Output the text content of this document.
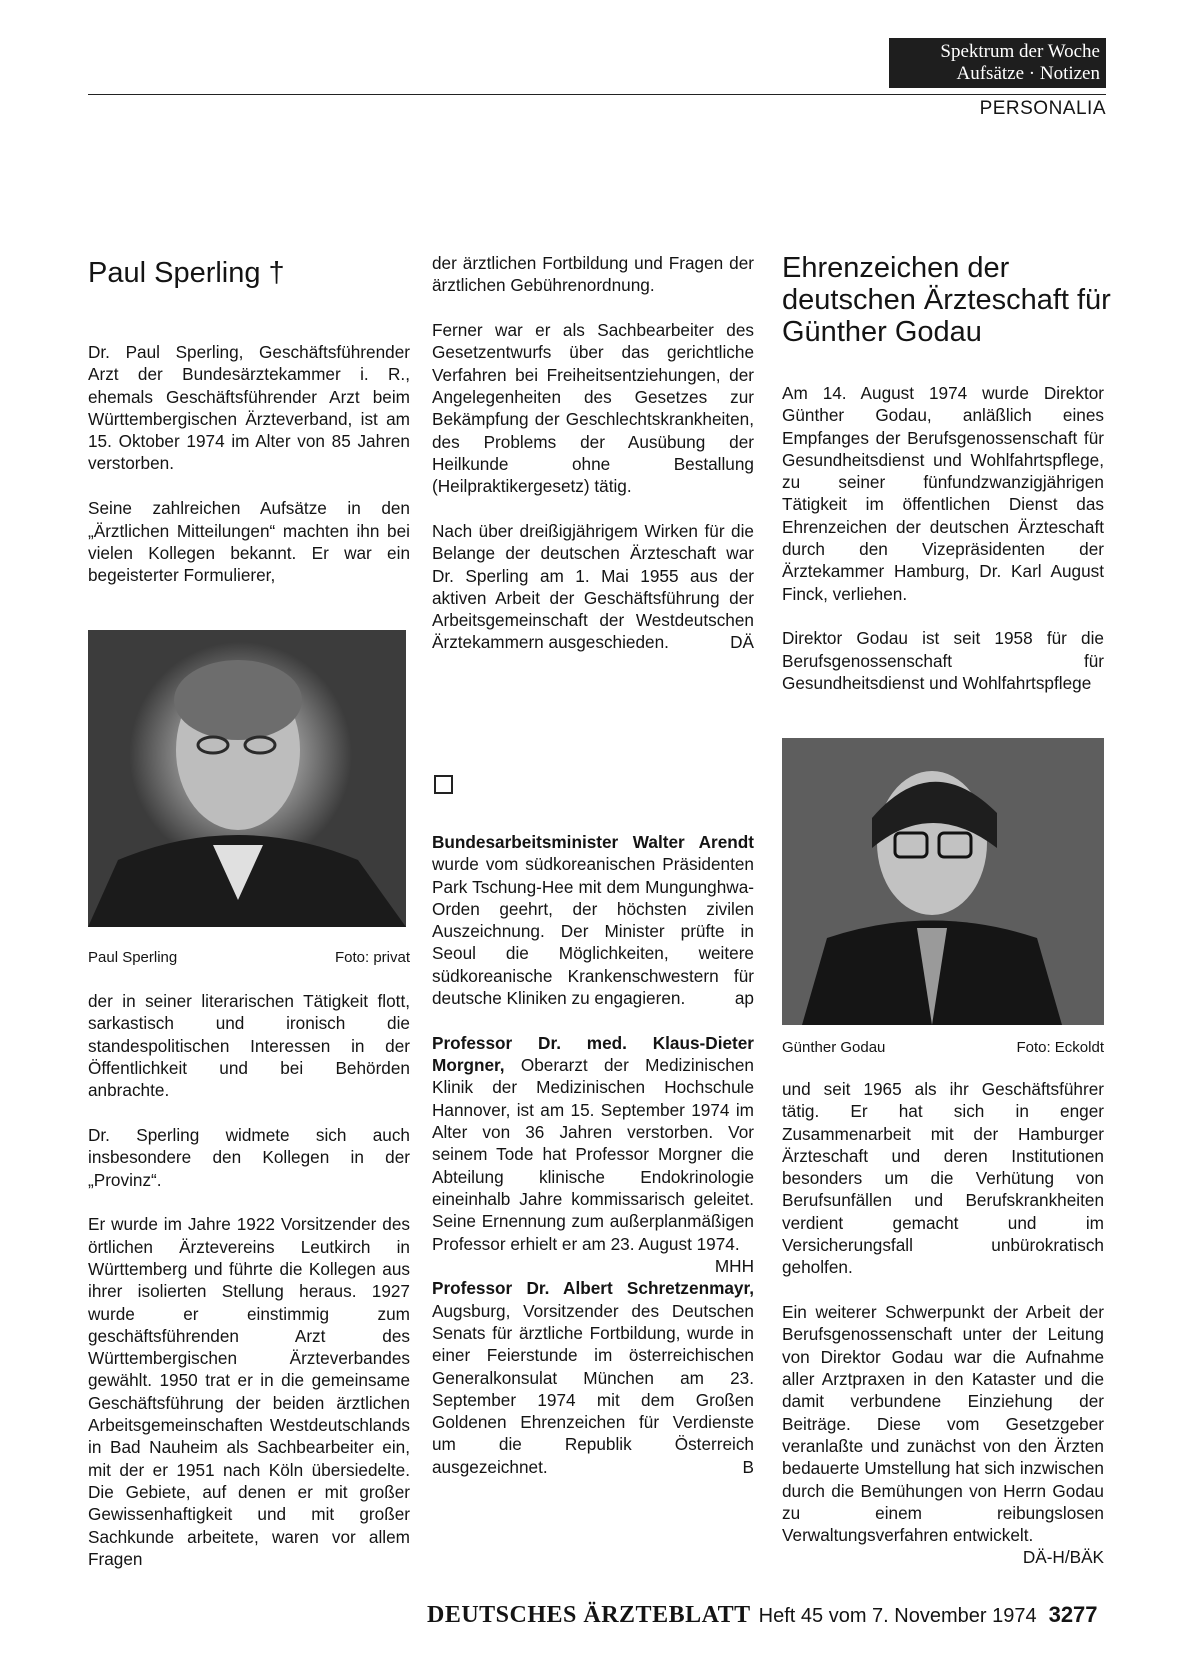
Spektrum der Woche
Aufsätze · Notizen
PERSONALIA
Paul Sperling †

Dr. Paul Sperling, Geschäftsführender Arzt der Bundesärztekammer i. R., ehemals Geschäftsführender Arzt beim Württembergischen Ärzteverband, ist am 15. Oktober 1974 im Alter von 85 Jahren verstorben.

Seine zahlreichen Aufsätze in den „Ärztlichen Mitteilungen“ machten ihn bei vielen Kollegen bekannt. Er war ein begeisterter Formulierer,

Paul Sperling	Foto: privat

der in seiner literarischen Tätigkeit flott, sarkastisch und ironisch die standespolitischen Interessen in der Öffentlichkeit und bei Behörden anbrachte.

Dr. Sperling widmete sich auch insbesondere den Kollegen in der „Provinz“.

Er wurde im Jahre 1922 Vorsitzender des örtlichen Ärztevereins Leutkirch in Württemberg und führte die Kollegen aus ihrer isolierten Stellung heraus. 1927 wurde er einstimmig zum geschäftsführenden Arzt des Württembergischen Ärzteverbandes gewählt. 1950 trat er in die gemeinsame Geschäftsführung der beiden ärztlichen Arbeitsgemeinschaften Westdeutschlands in Bad Nauheim als Sachbearbeiter ein, mit der er 1951 nach Köln übersiedelte. Die Gebiete, auf denen er mit großer Gewissenhaftigkeit und mit großer Sachkunde arbeitete, waren vor allem Fragen

der ärztlichen Fortbildung und Fragen der ärztlichen Gebührenordnung.

Ferner war er als Sachbearbeiter des Gesetzentwurfs über das gerichtliche Verfahren bei Freiheitsentziehungen, der Angelegenheiten des Gesetzes zur Bekämpfung der Geschlechtskrankheiten, des Problems der Ausübung der Heilkunde ohne Bestallung (Heilpraktikergesetz) tätig.

Nach über dreißigjährigem Wirken für die Belange der deutschen Ärzteschaft war Dr. Sperling am 1. Mai 1955 aus der aktiven Arbeit der Geschäftsführung der Arbeitsgemeinschaft der Westdeutschen Ärztekammern ausgeschieden.	DÄ

Bundesarbeitsminister Walter Arendt wurde vom südkoreanischen Präsidenten Park Tschung-Hee mit dem Mungunghwa-Orden geehrt, der höchsten zivilen Auszeichnung. Der Minister prüfte in Seoul die Möglichkeiten, weitere südkoreanische Krankenschwestern für deutsche Kliniken zu engagieren.	ap

Professor Dr. med. Klaus-Dieter Morgner, Oberarzt der Medizinischen Klinik der Medizinischen Hochschule Hannover, ist am 15. September 1974 im Alter von 36 Jahren verstorben. Vor seinem Tode hat Professor Morgner die Abteilung klinische Endokrinologie eineinhalb Jahre kommissarisch geleitet. Seine Ernennung zum außerplanmäßigen Professor erhielt er am 23. August 1974.
MHH

Professor Dr. Albert Schretzenmayr, Augsburg, Vorsitzender des Deutschen Senats für ärztliche Fortbildung, wurde in einer Feierstunde im österreichischen Generalkonsulat München am 23. September 1974 mit dem Großen Goldenen Ehrenzeichen für Verdienste um die Republik Österreich ausgezeichnet.	B

Ehrenzeichen der deutschen Ärzteschaft für Günther Godau

Am 14. August 1974 wurde Direktor Günther Godau, anläßlich eines Empfanges der Berufsgenossenschaft für Gesundheitsdienst und Wohlfahrtspflege, zu seiner fünfundzwanzigjährigen Tätigkeit im öffentlichen Dienst das Ehrenzeichen der deutschen Ärzteschaft durch den Vizepräsidenten der Ärztekammer Hamburg, Dr. Karl August Finck, verliehen.

Direktor Godau ist seit 1958 für die Berufsgenossenschaft für Gesundheitsdienst und Wohlfahrtspflege

Günther Godau	Foto: Eckoldt

und seit 1965 als ihr Geschäftsführer tätig. Er hat sich in enger Zusammenarbeit mit der Hamburger Ärzteschaft und deren Institutionen besonders um die Verhütung von Berufsunfällen und Berufskrankheiten verdient gemacht und im Versicherungsfall unbürokratisch geholfen.

Ein weiterer Schwerpunkt der Arbeit der Berufsgenossenschaft unter der Leitung von Direktor Godau war die Aufnahme aller Arztpraxen in den Kataster und die damit verbundene Einziehung der Beiträge. Diese vom Gesetzgeber veranlaßte und zunächst von den Ärzten bedauerte Umstellung hat sich inzwischen durch die Bemühungen von Herrn Godau zu einem reibungslosen Verwaltungsverfahren entwickelt.
DÄ-H/BÄK

DEUTSCHES ÄRZTEBLATT Heft 45 vom 7. November 1974 3277
